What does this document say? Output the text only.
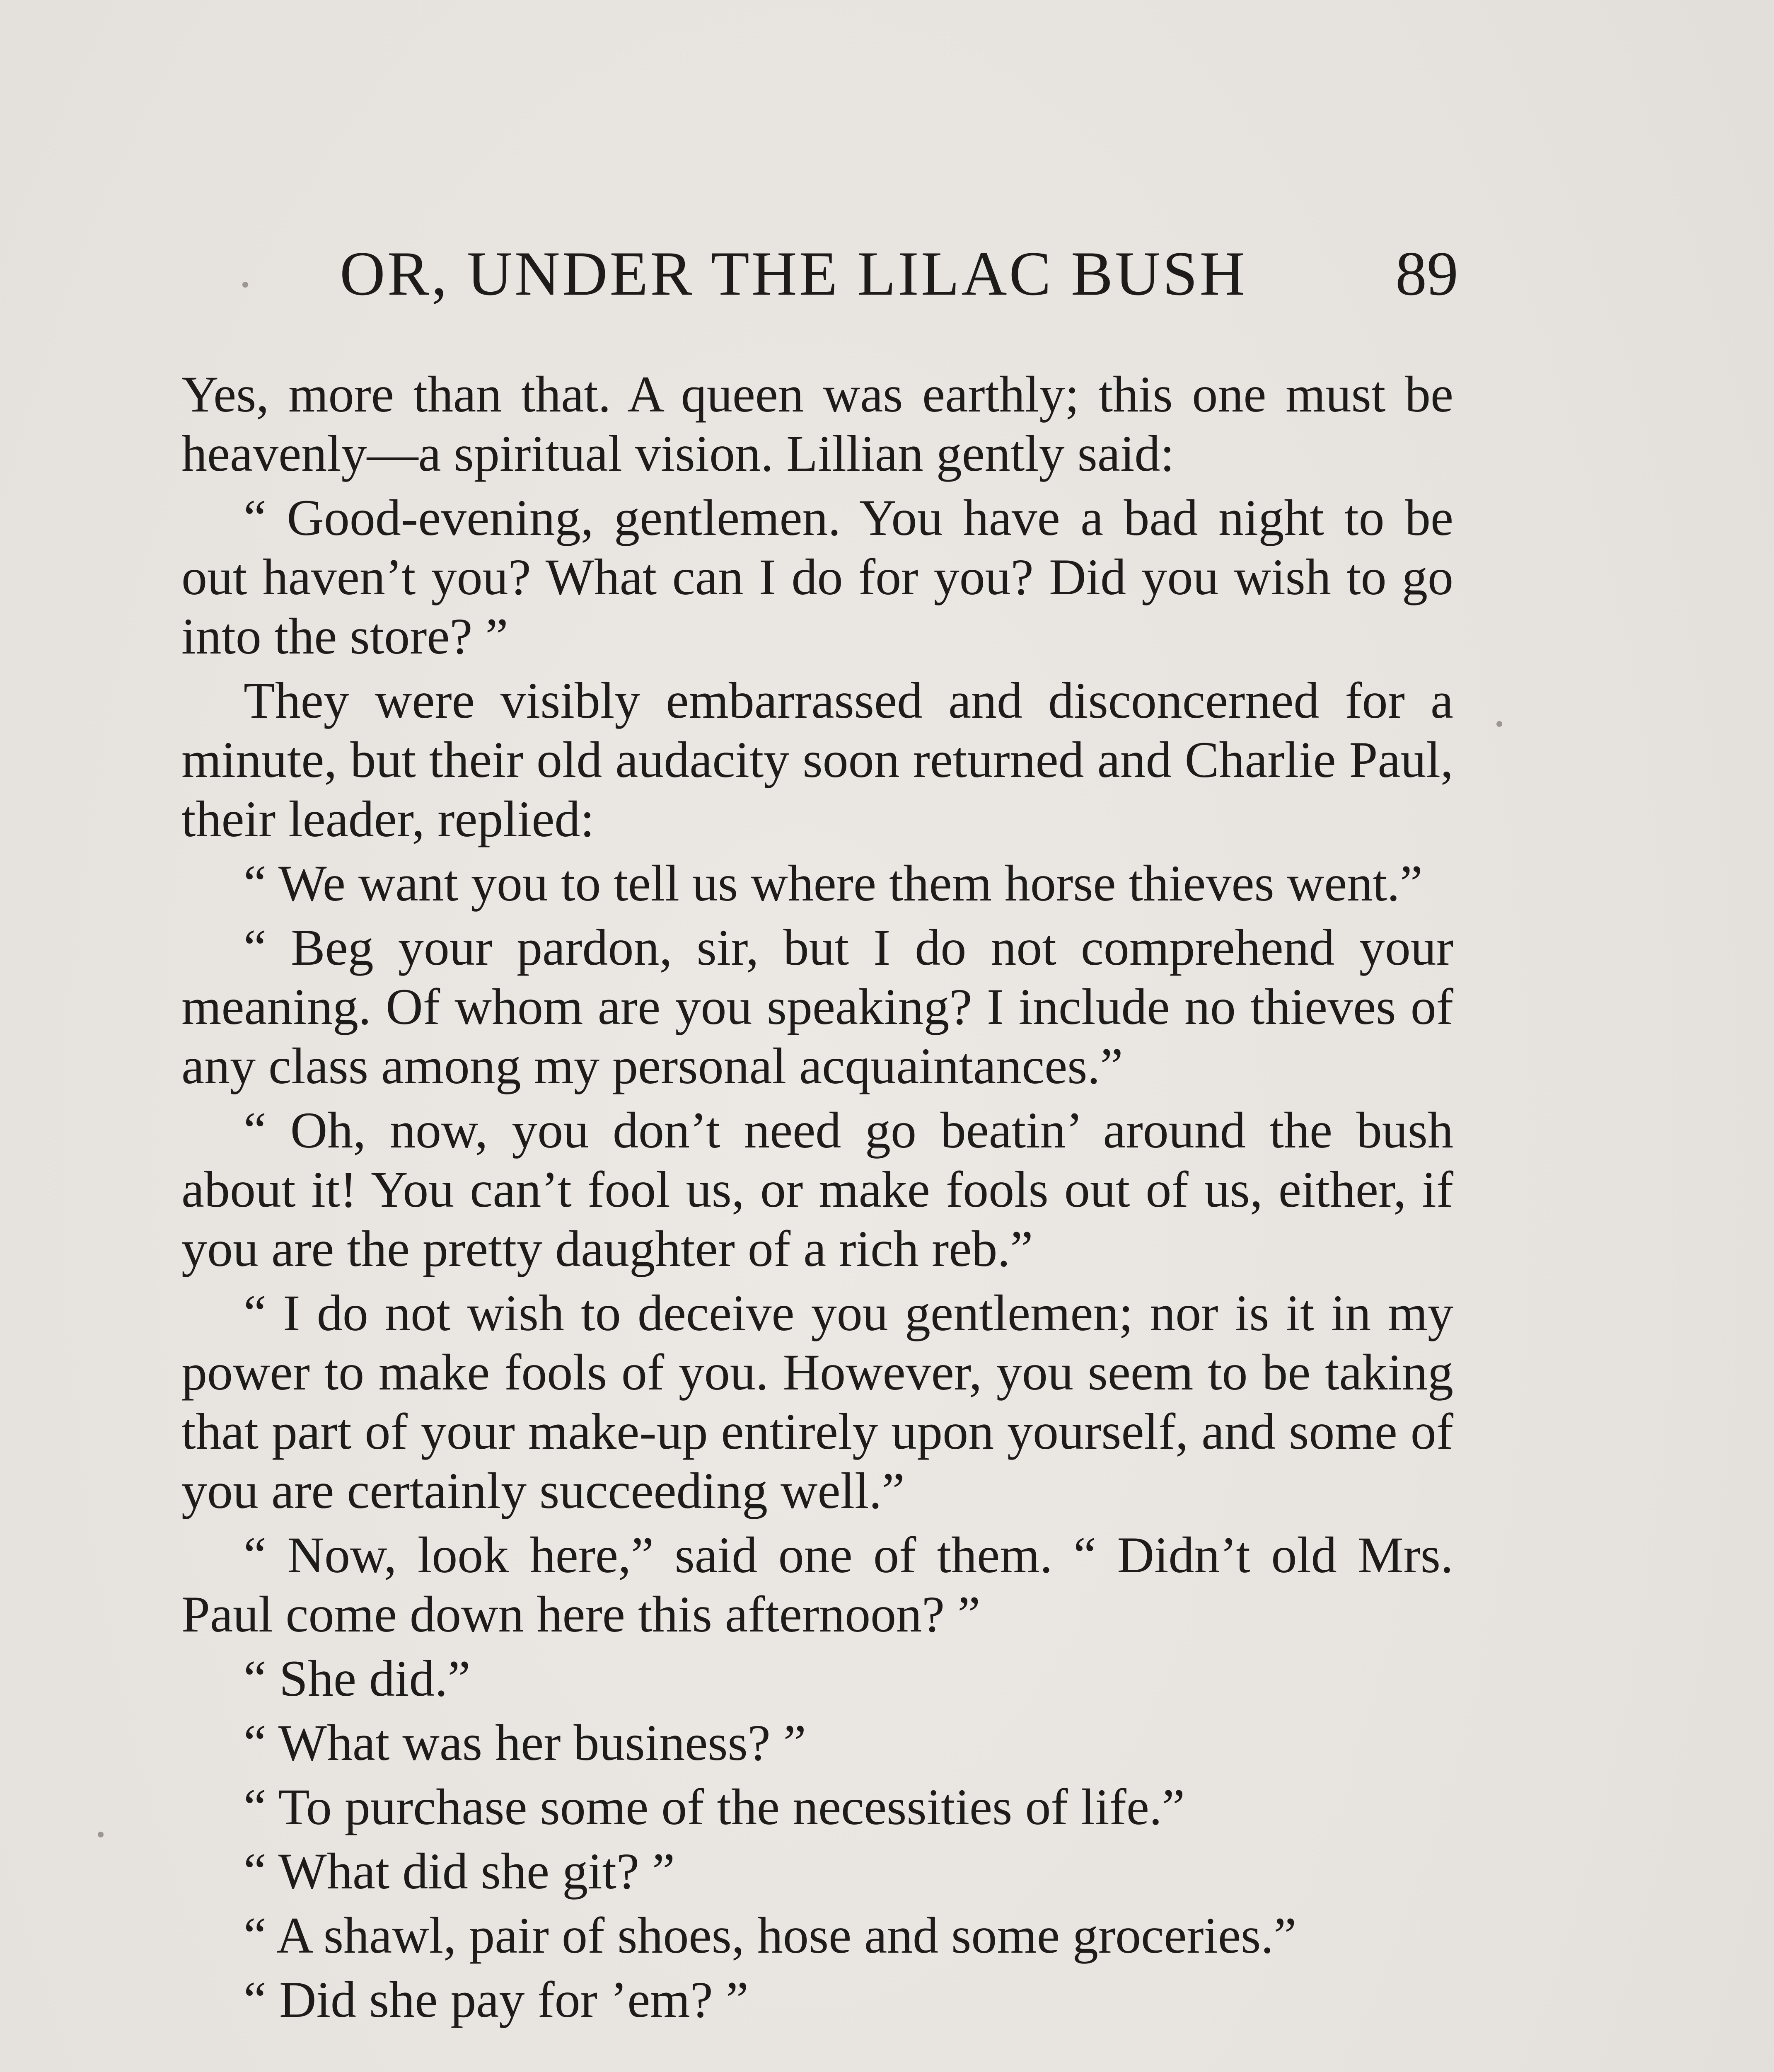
OR, UNDER THE LILAC BUSH 89

Yes, more than that. A queen was earthly; this one must be heavenly—a spiritual vision. Lillian gently said:

“ Good-evening, gentlemen. You have a bad night to be out haven’t you? What can I do for you? Did you wish to go into the store? ”

They were visibly embarrassed and disconcerned for a minute, but their old audacity soon returned and Charlie Paul, their leader, replied:

“ We want you to tell us where them horse thieves went.”

“ Beg your pardon, sir, but I do not comprehend your meaning. Of whom are you speaking? I include no thieves of any class among my personal acquaintances.”

“ Oh, now, you don’t need go beatin’ around the bush about it! You can’t fool us, or make fools out of us, either, if you are the pretty daughter of a rich reb.”

“ I do not wish to deceive you gentlemen; nor is it in my power to make fools of you. However, you seem to be taking that part of your make-up entirely upon yourself, and some of you are certainly succeeding well.”

“ Now, look here,” said one of them. “ Didn’t old Mrs. Paul come down here this afternoon? ”

“ She did.”

“ What was her business? ”

“ To purchase some of the necessities of life.”

“ What did she git? ”

“ A shawl, pair of shoes, hose and some groceries.”

“ Did she pay for ’em? ”
